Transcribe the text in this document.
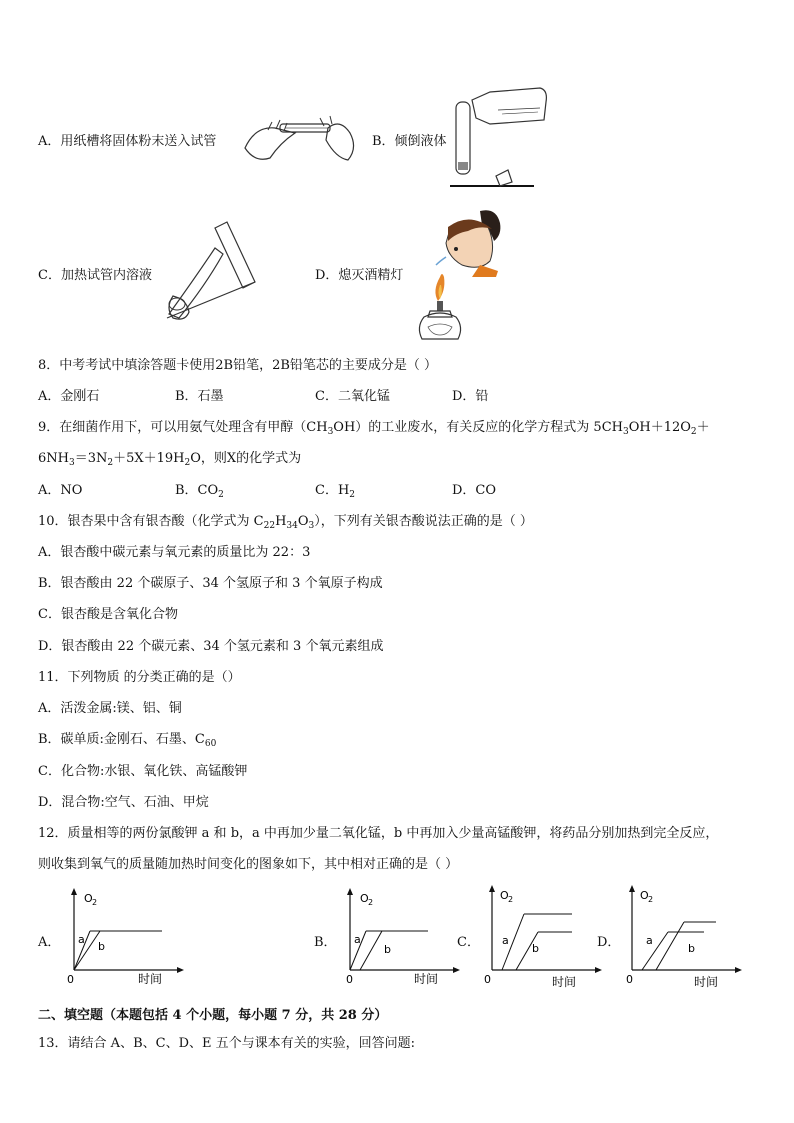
A．用纸槽将固体粉末送入试管	B．倾倒液体
C．加热试管内溶液	D．熄灭酒精灯
8．中考考试中填涂答题卡使用2B铅笔，2B铅笔芯的主要成分是（ ）
A．金刚石	B．石墨	C．二氧化锰	D．铅
9．在细菌作用下，可以用氨气处理含有甲醇$(CH_3OH)$的工业废水，有关反应的化学方程式为 $5CH_3OH+12O_2+$
$6NH_3=3N_2+5X+19H_2O$，则X的化学式为
A．NO	B．$CO_2$	C．$H_2$	D．CO
10．银杏果中含有银杏酸（化学式为 $C_{22}H_{34}O_3$），下列有关银杏酸说法正确的是（ ）
A．银杏酸中碳元素与氧元素的质量比为 22：3
B．银杏酸由 22 个碳原子、34 个氢原子和 3 个氧原子构成
C．银杏酸是含氧化合物
D．银杏酸由 22 个碳元素、34 个氢元素和 3 个氧元素组成
11．下列物质 的分类正确的是（）
A．活泼金属:镁、铝、铜
B．碳单质:金刚石、石墨、$C_{60}$
C．化合物:水银、氧化铁、高锰酸钾
D．混合物:空气、石油、甲烷
12．质量相等的两份氯酸钾 a 和 b，a 中再加少量二氧化锰，b 中再加入少量高锰酸钾，将药品分别加热到完全反应，
则收集到氧气的质量随加热时间变化的图象如下，其中相对正确的是（ ）
A．
O 2
0	时间
a
b	B．
O 2
0	时间
a
b	C．
O 2
0	时间
a
b	D．
O 2
0	时间
a
b
二、填空题（本题包括 4 个小题，每小题 7 分，共 28 分）
13．请结合 A、B、C、D、E 五个与课本有关的实验，回答问题:
